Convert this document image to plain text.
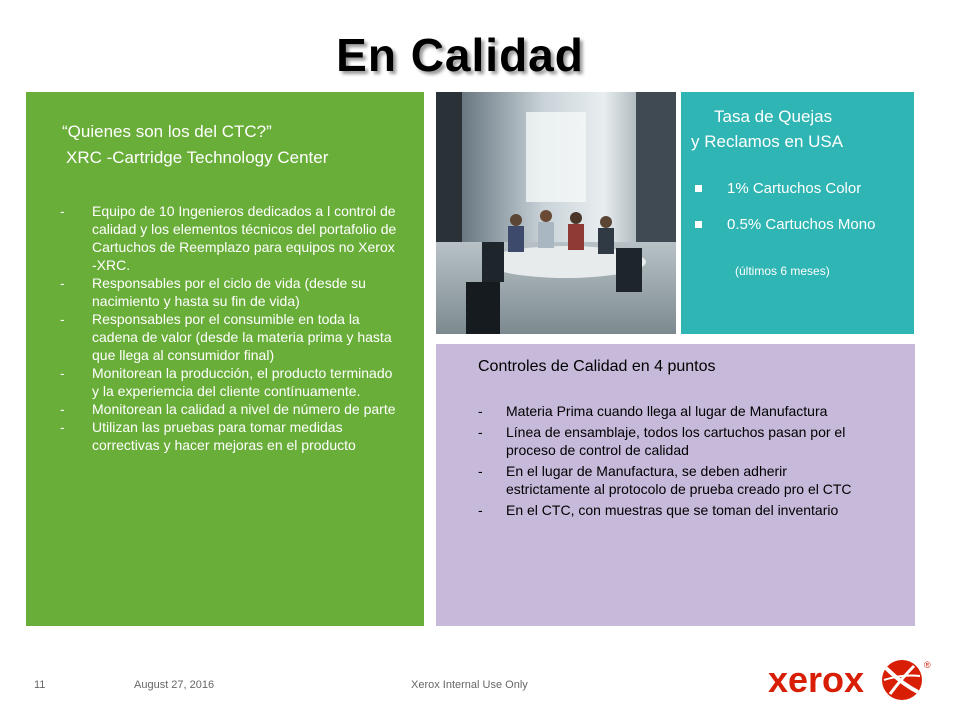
En Calidad
“Quienes son los del CTC?”
XRC -Cartridge Technology Center
- Equipo de 10 Ingenieros dedicados a l control de calidad y los elementos técnicos del portafolio de Cartuchos de Reemplazo para equipos no Xerox -XRC.
- Responsables por el ciclo de vida (desde su nacimiento y hasta su fin de vida)
- Responsables por el consumible en toda la cadena de valor (desde la materia prima y hasta que llega al consumidor final)
- Monitorean la producción, el producto terminado y la experiemcia del cliente contínuamente.
- Monitorean la calidad a nivel de número de parte
- Utilizan las pruebas para tomar medidas correctivas y hacer mejoras en el producto
Tasa de Quejas
y Reclamos en USA
1% Cartuchos Color
0.5% Cartuchos Mono
(últimos 6 meses)
Controles de Calidad en 4 puntos
- Materia Prima cuando llega al lugar de Manufactura
- Línea de ensamblaje, todos los cartuchos pasan por el proceso de control de calidad
- En el lugar de Manufactura, se deben adherir estrictamente al protocolo de prueba creado pro el CTC
- En el CTC, con muestras que se toman del inventario
11	August 27, 2016	Xerox Internal Use Only	xerox	®
